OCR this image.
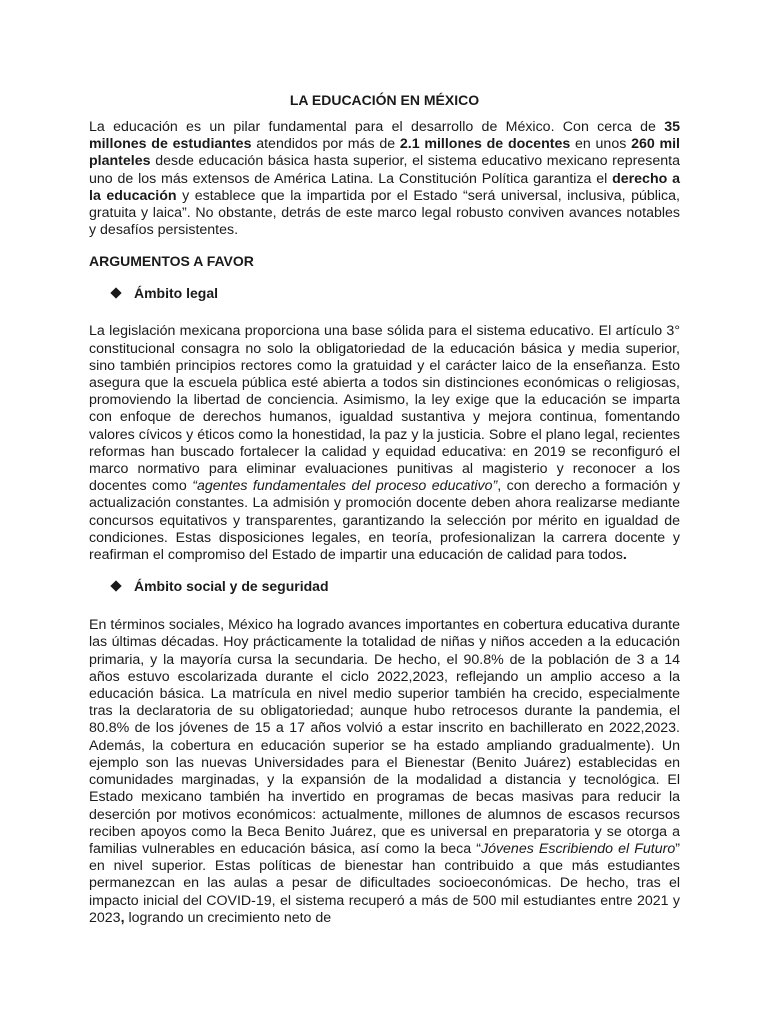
LA EDUCACIÓN EN MÉXICO

La educación es un pilar fundamental para el desarrollo de México. Con cerca de 35 millones de estudiantes atendidos por más de 2.1 millones de docentes en unos 260 mil planteles desde educación básica hasta superior, el sistema educativo mexicano representa uno de los más extensos de América Latina. La Constitución Política garantiza el derecho a la educación y establece que la impartida por el Estado “será universal, inclusiva, pública, gratuita y laica”. No obstante, detrás de este marco legal robusto conviven avances notables y desafíos persistentes.

ARGUMENTOS A FAVOR
Ámbito legal

La legislación mexicana proporciona una base sólida para el sistema educativo. El artículo 3° constitucional consagra no solo la obligatoriedad de la educación básica y media superior, sino también principios rectores como la gratuidad y el carácter laico de la enseñanza. Esto asegura que la escuela pública esté abierta a todos sin distinciones económicas o religiosas, promoviendo la libertad de conciencia. Asimismo, la ley exige que la educación se imparta con enfoque de derechos humanos, igualdad sustantiva y mejora continua, fomentando valores cívicos y éticos como la honestidad, la paz y la justicia. Sobre el plano legal, recientes reformas han buscado fortalecer la calidad y equidad educativa: en 2019 se reconfiguró el marco normativo para eliminar evaluaciones punitivas al magisterio y reconocer a los docentes como “agentes fundamentales del proceso educativo”, con derecho a formación y actualización constantes. La admisión y promoción docente deben ahora realizarse mediante concursos equitativos y transparentes, garantizando la selección por mérito en igualdad de condiciones. Estas disposiciones legales, en teoría, profesionalizan la carrera docente y reafirman el compromiso del Estado de impartir una educación de calidad para todos.

Ámbito social y de seguridad

En términos sociales, México ha logrado avances importantes en cobertura educativa durante las últimas décadas. Hoy prácticamente la totalidad de niñas y niños acceden a la educación primaria, y la mayoría cursa la secundaria. De hecho, el 90.8% de la población de 3 a 14 años estuvo escolarizada durante el ciclo 2022,2023, reflejando un amplio acceso a la educación básica. La matrícula en nivel medio superior también ha crecido, especialmente tras la declaratoria de su obligatoriedad; aunque hubo retrocesos durante la pandemia, el 80.8% de los jóvenes de 15 a 17 años volvió a estar inscrito en bachillerato en 2022,2023. Además, la cobertura en educación superior se ha estado ampliando gradualmente). Un ejemplo son las nuevas Universidades para el Bienestar (Benito Juárez) establecidas en comunidades marginadas, y la expansión de la modalidad a distancia y tecnológica. El Estado mexicano también ha invertido en programas de becas masivas para reducir la deserción por motivos económicos: actualmente, millones de alumnos de escasos recursos reciben apoyos como la Beca Benito Juárez, que es universal en preparatoria y se otorga a familias vulnerables en educación básica, así como la beca “Jóvenes Escribiendo el Futuro” en nivel superior. Estas políticas de bienestar han contribuido a que más estudiantes permanezcan en las aulas a pesar de dificultades socioeconómicas. De hecho, tras el impacto inicial del COVID-19, el sistema recuperó a más de 500 mil estudiantes entre 2021 y 2023, logrando un crecimiento neto de
